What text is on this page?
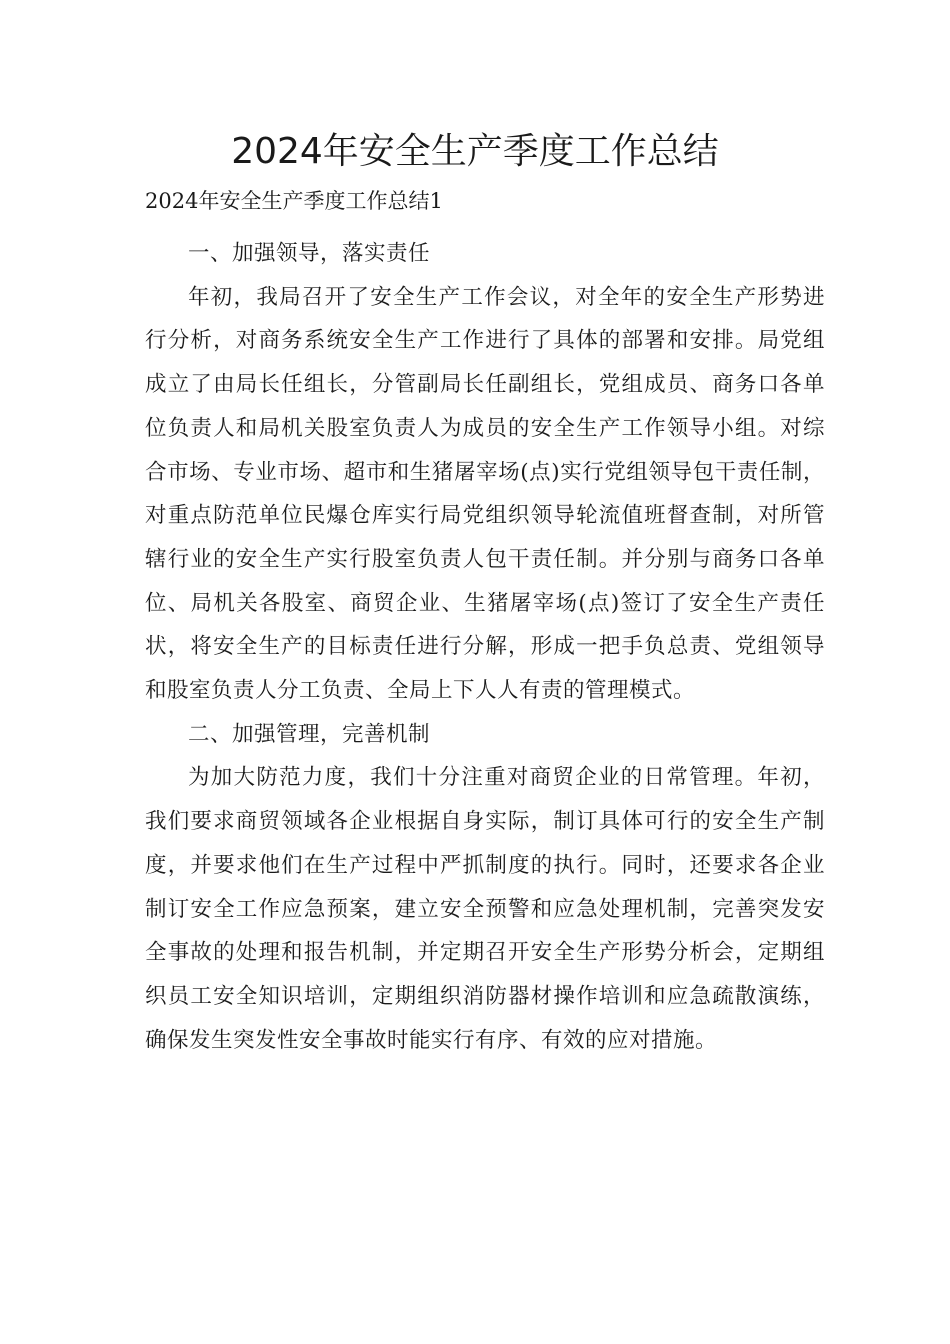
2024年安全生产季度工作总结
2024年安全生产季度工作总结1

一、加强领导，落实责任

年初，我局召开了安全生产工作会议，对全年的安全生产形势进行分析，对商务系统安全生产工作进行了具体的部署和安排。局党组成立了由局长任组长，分管副局长任副组长，党组成员、商务口各单位负责人和局机关股室负责人为成员的安全生产工作领导小组。对综合市场、专业市场、超市和生猪屠宰场(点)实行党组领导包干责任制，对重点防范单位民爆仓库实行局党组织领导轮流值班督查制，对所管辖行业的安全生产实行股室负责人包干责任制。并分别与商务口各单位、局机关各股室、商贸企业、生猪屠宰场(点)签订了安全生产责任状，将安全生产的目标责任进行分解，形成一把手负总责、党组领导和股室负责人分工负责、全局上下人人有责的管理模式。

二、加强管理，完善机制

为加大防范力度，我们十分注重对商贸企业的日常管理。年初，我们要求商贸领域各企业根据自身实际，制订具体可行的安全生产制度，并要求他们在生产过程中严抓制度的执行。同时，还要求各企业制订安全工作应急预案，建立安全预警和应急处理机制，完善突发安全事故的处理和报告机制，并定期召开安全生产形势分析会，定期组织员工安全知识培训，定期组织消防器材操作培训和应急疏散演练，确保发生突发性安全事故时能实行有序、有效的应对措施。
